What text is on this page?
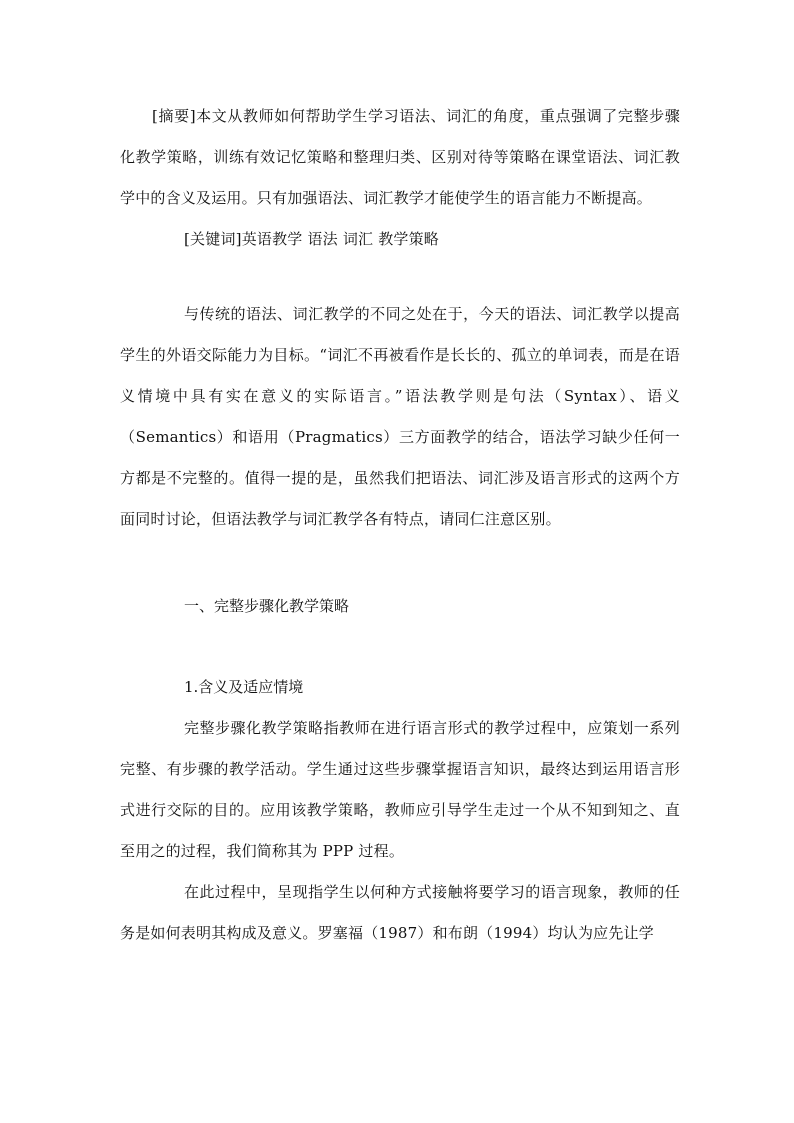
[摘要]本文从教师如何帮助学生学习语法、词汇的角度，重点强调了完整步骤化教学策略，训练有效记忆策略和整理归类、区别对待等策略在课堂语法、词汇教学中的含义及运用。只有加强语法、词汇教学才能使学生的语言能力不断提高。

[关键词]英语教学 语法 词汇 教学策略

与传统的语法、词汇教学的不同之处在于，今天的语法、词汇教学以提高学生的外语交际能力为目标。“词汇不再被看作是长长的、孤立的单词表，而是在语义情境中具有实在意义的实际语言。”语法教学则是句法（Syntax）、语义（Semantics）和语用（Pragmatics）三方面教学的结合，语法学习缺少任何一方都是不完整的。值得一提的是，虽然我们把语法、词汇涉及语言形式的这两个方面同时讨论，但语法教学与词汇教学各有特点，请同仁注意区别。

一、完整步骤化教学策略

1.含义及适应情境

完整步骤化教学策略指教师在进行语言形式的教学过程中，应策划一系列完整、有步骤的教学活动。学生通过这些步骤掌握语言知识，最终达到运用语言形式进行交际的目的。应用该教学策略，教师应引导学生走过一个从不知到知之、直至用之的过程，我们简称其为 PPP 过程。

在此过程中，呈现指学生以何种方式接触将要学习的语言现象，教师的任务是如何表明其构成及意义。罗塞福（1987）和布朗（1994）均认为应先让学
